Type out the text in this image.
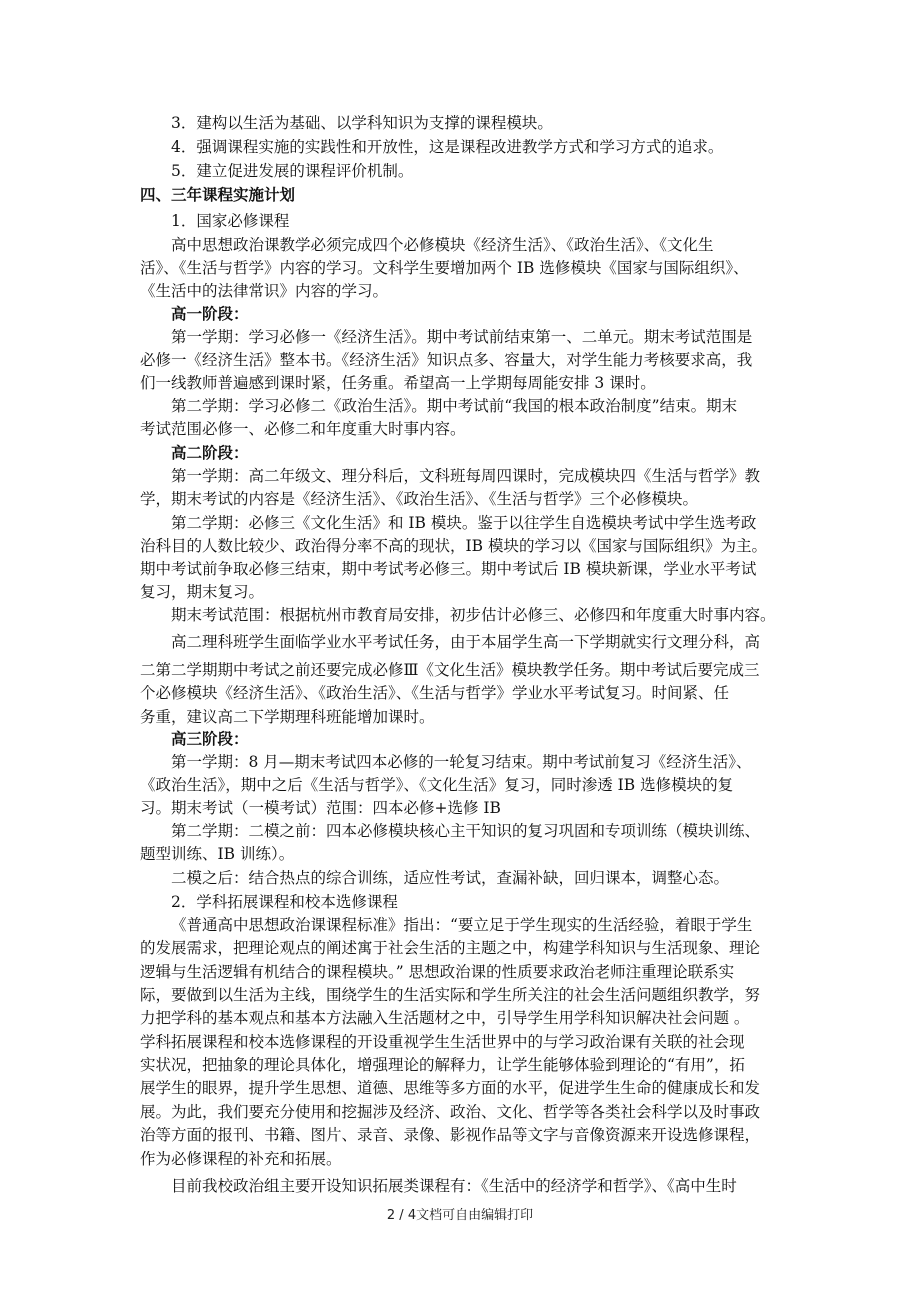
3．建构以生活为基础、以学科知识为支撑的课程模块。
4．强调课程实施的实践性和开放性，这是课程改进教学方式和学习方式的追求。
5．建立促进发展的课程评价机制。
四、三年课程实施计划
1．国家必修课程
高中思想政治课教学必须完成四个必修模块《经济生活》、《政治生活》、《文化生
活》、《生活与哲学》内容的学习。文科学生要增加两个 IB 选修模块《国家与国际组织》、
《生活中的法律常识》内容的学习。
高一阶段：
第一学期：学习必修一《经济生活》。期中考试前结束第一、二单元。期末考试范围是
必修一《经济生活》整本书。《经济生活》知识点多、容量大，对学生能力考核要求高，我
们一线教师普遍感到课时紧，任务重。希望高一上学期每周能安排 3 课时。
第二学期：学习必修二《政治生活》。期中考试前“我国的根本政治制度”结束。期末
考试范围必修一、必修二和年度重大时事内容。
高二阶段：
第一学期：高二年级文、理分科后，文科班每周四课时，完成模块四《生活与哲学》教
学，期末考试的内容是《经济生活》、《政治生活》、《生活与哲学》三个必修模块。
第二学期：必修三《文化生活》和 IB 模块。鉴于以往学生自选模块考试中学生选考政
治科目的人数比较少、政治得分率不高的现状，IB 模块的学习以《国家与国际组织》为主。
期中考试前争取必修三结束，期中考试考必修三。期中考试后 IB 模块新课，学业水平考试
复习，期末复习。
期末考试范围：根据杭州市教育局安排，初步估计必修三、必修四和年度重大时事内容。
高二理科班学生面临学业水平考试任务，由于本届学生高一下学期就实行文理分科，高
二第二学期期中考试之前还要完成必修Ⅲ《文化生活》模块教学任务。期中考试后要完成三
个必修模块《经济生活》、《政治生活》、《生活与哲学》学业水平考试复习。时间紧、任
务重，建议高二下学期理科班能增加课时。
高三阶段：
第一学期：8 月—期末考试四本必修的一轮复习结束。期中考试前复习《经济生活》、
《政治生活》，期中之后《生活与哲学》、《文化生活》复习，同时渗透 IB 选修模块的复
习。期末考试（一模考试）范围：四本必修+选修 IB
第二学期：二模之前：四本必修模块核心主干知识的复习巩固和专项训练（模块训练、
题型训练、IB 训练）。
二模之后：结合热点的综合训练，适应性考试，查漏补缺，回归课本，调整心态。
2．学科拓展课程和校本选修课程
《普通高中思想政治课课程标准》指出：“要立足于学生现实的生活经验，着眼于学生
的发展需求，把理论观点的阐述寓于社会生活的主题之中，构建学科知识与生活现象、理论
逻辑与生活逻辑有机结合的课程模块。” 思想政治课的性质要求政治老师注重理论联系实
际，要做到以生活为主线，围绕学生的生活实际和学生所关注的社会生活问题组织教学，努
力把学科的基本观点和基本方法融入生活题材之中，引导学生用学科知识解决社会问题 。
学科拓展课程和校本选修课程的开设重视学生生活世界中的与学习政治课有关联的社会现
实状况，把抽象的理论具体化，增强理论的解释力，让学生能够体验到理论的“有用”，拓
展学生的眼界，提升学生思想、道德、思维等多方面的水平，促进学生生命的健康成长和发
展。为此，我们要充分使用和挖掘涉及经济、政治、文化、哲学等各类社会科学以及时事政
治等方面的报刊、书籍、图片、录音、录像、影视作品等文字与音像资源来开设选修课程，
作为必修课程的补充和拓展。
目前我校政治组主要开设知识拓展类课程有：《生活中的经济学和哲学》、《高中生时
2 / 4文档可自由编辑打印
